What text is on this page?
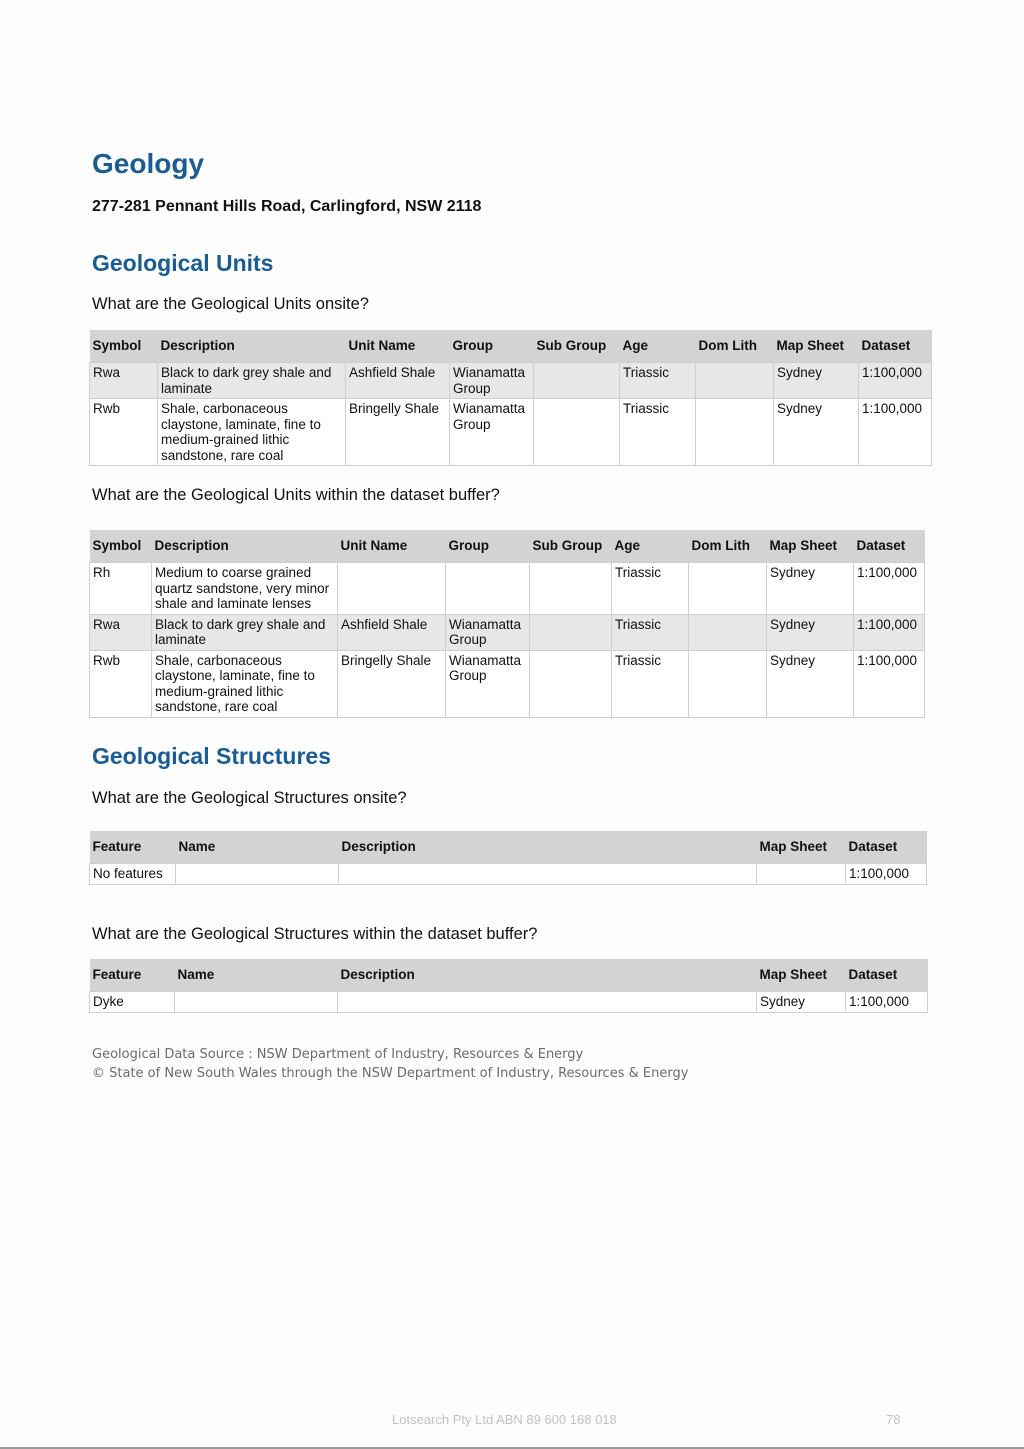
Geology

277-281 Pennant Hills Road, Carlingford, NSW 2118

Geological Units

What are the Geological Units onsite?

Symbol	Description	Unit Name	Group	Sub Group	Age	Dom Lith	Map Sheet	Dataset
Rwa	Black to dark grey shale and laminate	Ashfield Shale	Wianamatta Group		Triassic		Sydney	1:100,000
Rwb	Shale, carbonaceous claystone, laminate, fine to medium-grained lithic sandstone, rare coal	Bringelly Shale	Wianamatta Group		Triassic		Sydney	1:100,000

What are the Geological Units within the dataset buffer?

Symbol	Description	Unit Name	Group	Sub Group	Age	Dom Lith	Map Sheet	Dataset
Rh	Medium to coarse grained quartz sandstone, very minor shale and laminate lenses				Triassic		Sydney	1:100,000
Rwa	Black to dark grey shale and laminate	Ashfield Shale	Wianamatta Group		Triassic		Sydney	1:100,000
Rwb	Shale, carbonaceous claystone, laminate, fine to medium-grained lithic sandstone, rare coal	Bringelly Shale	Wianamatta Group		Triassic		Sydney	1:100,000
Geological Structures

What are the Geological Structures onsite?

Feature	Name	Description	Map Sheet	Dataset
No features				1:100,000

What are the Geological Structures within the dataset buffer?

Feature	Name	Description	Map Sheet	Dataset
Dyke			Sydney	1:100,000

Geological Data Source : NSW Department of Industry, Resources & Energy

© State of New South Wales through the NSW Department of Industry, Resources & Energy

Lotsearch Pty Ltd ABN 89 600 168 018	78
